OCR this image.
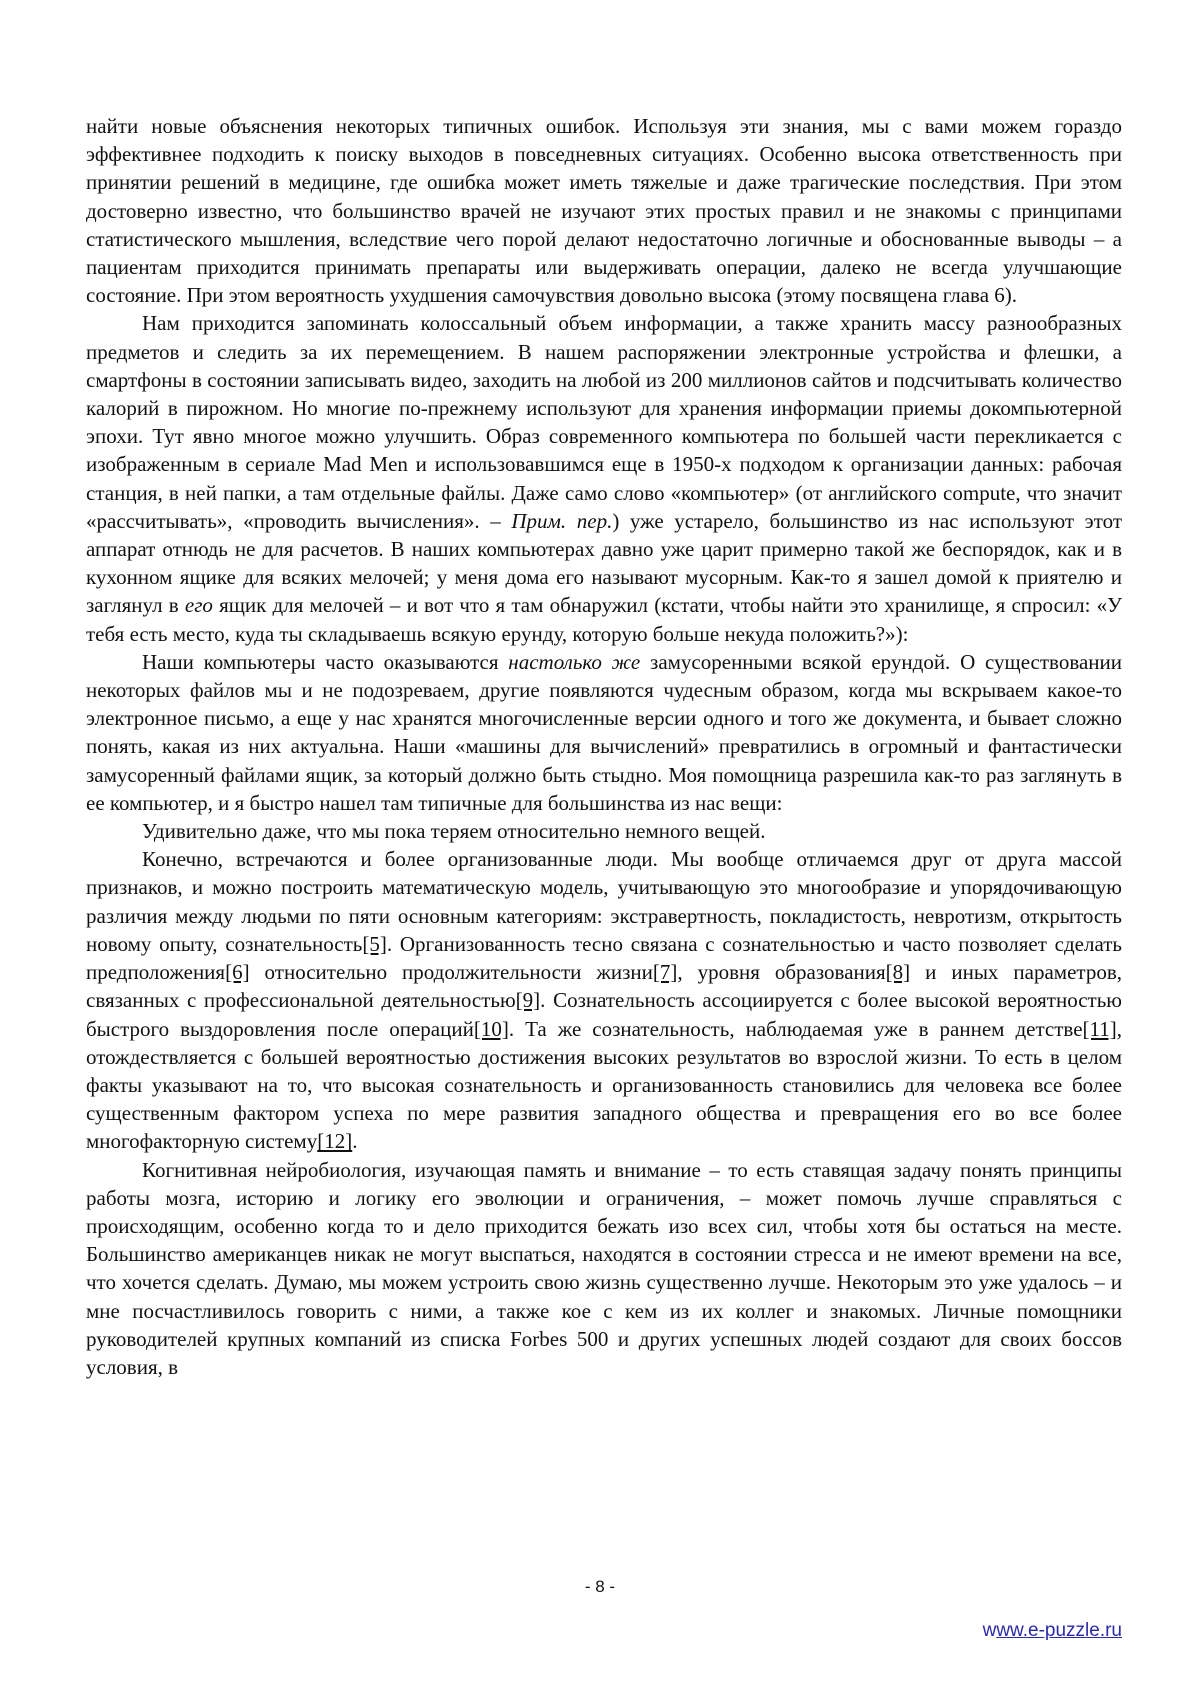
найти новые объяснения некоторых типичных ошибок. Используя эти знания, мы с вами можем гораздо эффективнее подходить к поиску выходов в повседневных ситуациях. Особенно высока ответственность при принятии решений в медицине, где ошибка может иметь тяжелые и даже трагические последствия. При этом достоверно известно, что большинство врачей не изучают этих простых правил и не знакомы с принципами статистического мышления, вследствие чего порой делают недостаточно логичные и обоснованные выводы – а пациентам приходится принимать препараты или выдерживать операции, далеко не всегда улучшающие состояние. При этом вероятность ухудшения самочувствия довольно высока (этому посвящена глава 6).

Нам приходится запоминать колоссальный объем информации, а также хранить массу разнообразных предметов и следить за их перемещением. В нашем распоряжении электронные устройства и флешки, а смартфоны в состоянии записывать видео, заходить на любой из 200 миллионов сайтов и подсчитывать количество калорий в пирожном. Но многие по-прежнему используют для хранения информации приемы докомпьютерной эпохи. Тут явно многое можно улучшить. Образ современного компьютера по большей части перекликается с изображенным в сериале Mad Men и использовавшимся еще в 1950-х подходом к организации данных: рабочая станция, в ней папки, а там отдельные файлы. Даже само слово «компьютер» (от английского compute, что значит «рассчитывать», «проводить вычисления». – Прим. пер.) уже устарело, большинство из нас используют этот аппарат отнюдь не для расчетов. В наших компьютерах давно уже царит примерно такой же беспорядок, как и в кухонном ящике для всяких мелочей; у меня дома его называют мусорным. Как-то я зашел домой к приятелю и заглянул в его ящик для мелочей – и вот что я там обнаружил (кстати, чтобы найти это хранилище, я спросил: «У тебя есть место, куда ты складываешь всякую ерунду, которую больше некуда положить?»):

Наши компьютеры часто оказываются настолько же замусоренными всякой ерундой. О существовании некоторых файлов мы и не подозреваем, другие появляются чудесным образом, когда мы вскрываем какое-то электронное письмо, а еще у нас хранятся многочисленные версии одного и того же документа, и бывает сложно понять, какая из них актуальна. Наши «машины для вычислений» превратились в огромный и фантастически замусоренный файлами ящик, за который должно быть стыдно. Моя помощница разрешила как-то раз заглянуть в ее компьютер, и я быстро нашел там типичные для большинства из нас вещи:

Удивительно даже, что мы пока теряем относительно немного вещей.

Конечно, встречаются и более организованные люди. Мы вообще отличаемся друг от друга массой признаков, и можно построить математическую модель, учитывающую это многообразие и упорядочивающую различия между людьми по пяти основным категориям: экстравертность, покладистость, невротизм, открытость новому опыту, сознательность[5]. Организованность тесно связана с сознательностью и часто позволяет сделать предположения[6] относительно продолжительности жизни[7], уровня образования[8] и иных параметров, связанных с профессиональной деятельностью[9]. Сознательность ассоциируется с более высокой вероятностью быстрого выздоровления после операций[10]. Та же сознательность, наблюдаемая уже в раннем детстве[11], отождествляется с большей вероятностью достижения высоких результатов во взрослой жизни. То есть в целом факты указывают на то, что высокая сознательность и организованность становились для человека все более существенным фактором успеха по мере развития западного общества и превращения его во все более многофакторную систему[12].

Когнитивная нейробиология, изучающая память и внимание – то есть ставящая задачу понять принципы работы мозга, историю и логику его эволюции и ограничения, – может помочь лучше справляться с происходящим, особенно когда то и дело приходится бежать изо всех сил, чтобы хотя бы остаться на месте. Большинство американцев никак не могут выспаться, находятся в состоянии стресса и не имеют времени на все, что хочется сделать. Думаю, мы можем устроить свою жизнь существенно лучше. Некоторым это уже удалось – и мне посчастливилось говорить с ними, а также кое с кем из их коллег и знакомых. Личные помощники руководителей крупных компаний из списка Forbes 500 и других успешных людей создают для своих боссов условия, в

- 8 -
www.e-puzzle.ru
